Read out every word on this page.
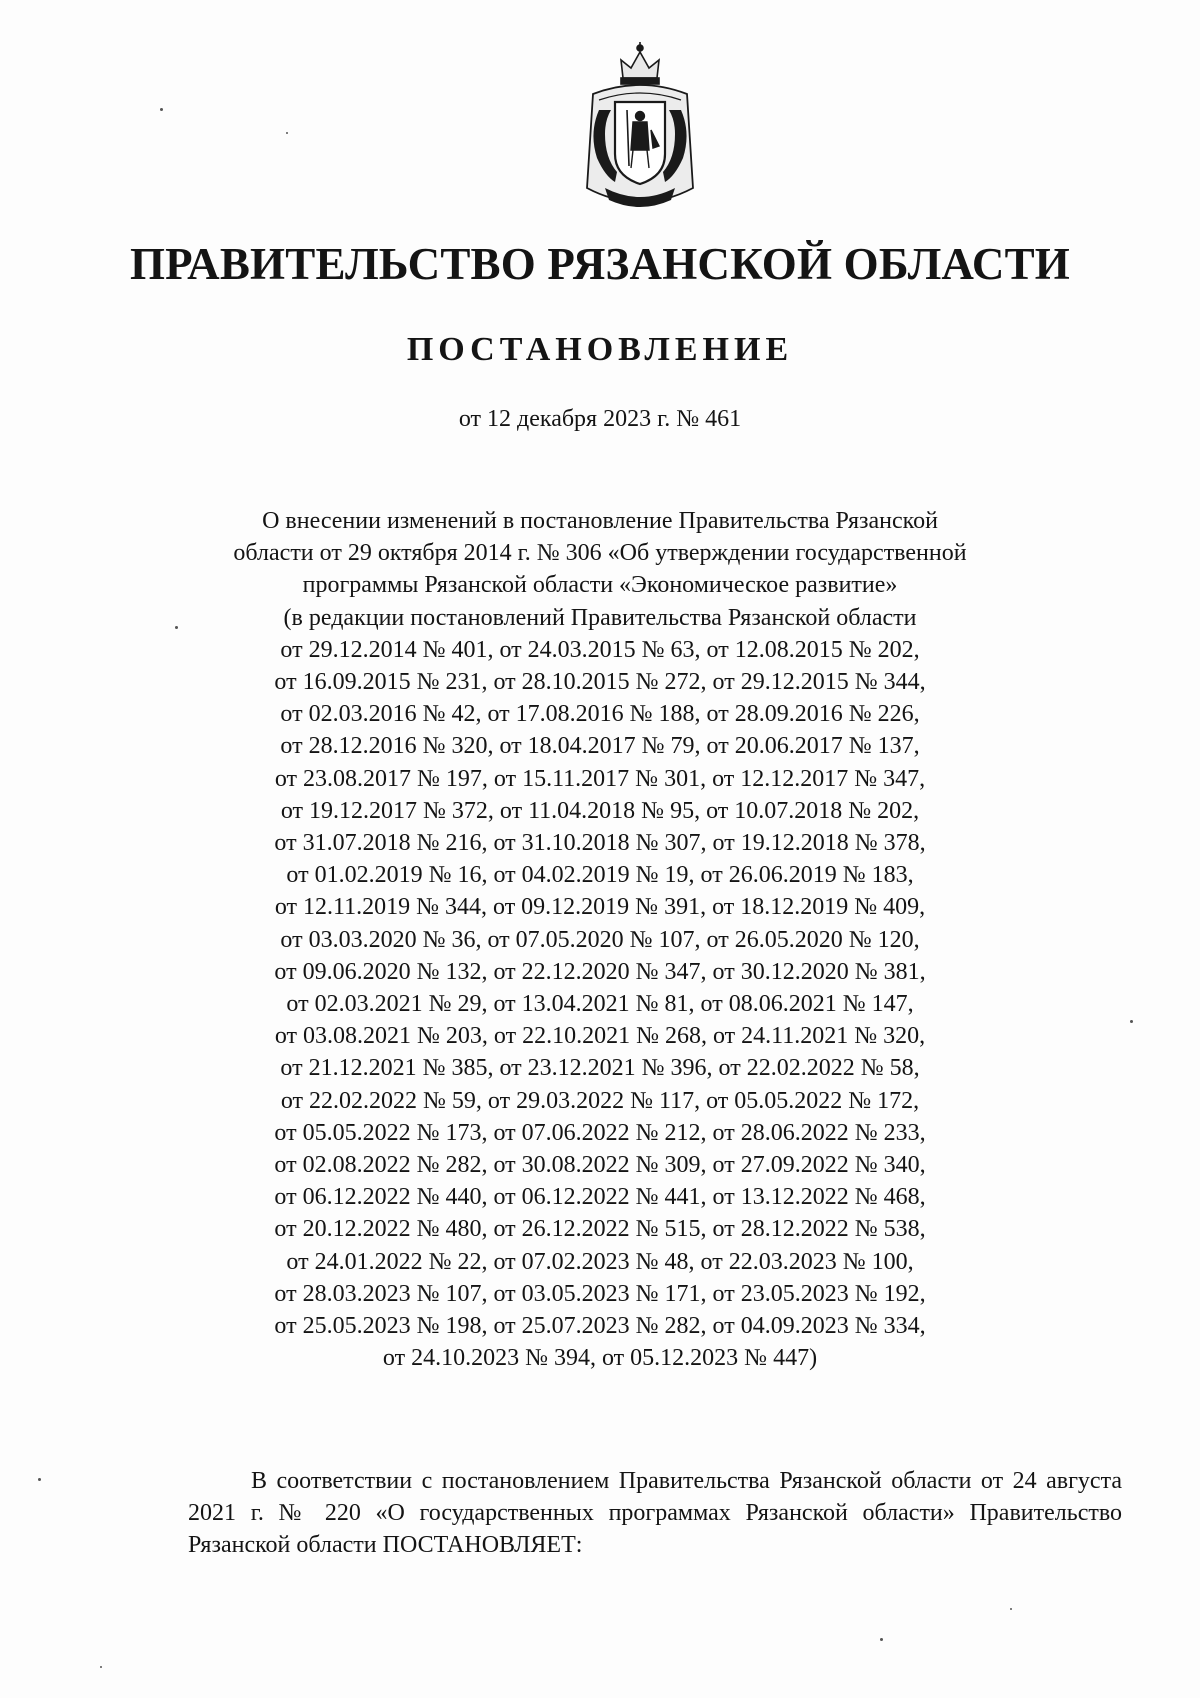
ПРАВИТЕЛЬСТВО РЯЗАНСКОЙ ОБЛАСТИ
ПОСТАНОВЛЕНИЕ
от 12 декабря 2023 г. № 461
О внесении изменений в постановление Правительства Рязанской
области от 29 октября 2014 г. № 306 «Об утверждении государственной
программы Рязанской области «Экономическое развитие»
(в редакции постановлений Правительства Рязанской области
от 29.12.2014 № 401, от 24.03.2015 № 63, от 12.08.2015 № 202,
от 16.09.2015 № 231, от 28.10.2015 № 272, от 29.12.2015 № 344,
от 02.03.2016 № 42, от 17.08.2016 № 188, от 28.09.2016 № 226,
от 28.12.2016 № 320, от 18.04.2017 № 79, от 20.06.2017 № 137,
от 23.08.2017 № 197, от 15.11.2017 № 301, от 12.12.2017 № 347,
от 19.12.2017 № 372, от 11.04.2018 № 95, от 10.07.2018 № 202,
от 31.07.2018 № 216, от 31.10.2018 № 307, от 19.12.2018 № 378,
от 01.02.2019 № 16, от 04.02.2019 № 19, от 26.06.2019 № 183,
от 12.11.2019 № 344, от 09.12.2019 № 391, от 18.12.2019 № 409,
от 03.03.2020 № 36, от 07.05.2020 № 107, от 26.05.2020 № 120,
от 09.06.2020 № 132, от 22.12.2020 № 347, от 30.12.2020 № 381,
от 02.03.2021 № 29, от 13.04.2021 № 81, от 08.06.2021 № 147,
от 03.08.2021 № 203, от 22.10.2021 № 268, от 24.11.2021 № 320,
от 21.12.2021 № 385, от 23.12.2021 № 396, от 22.02.2022 № 58,
от 22.02.2022 № 59, от 29.03.2022 № 117, от 05.05.2022 № 172,
от 05.05.2022 № 173, от 07.06.2022 № 212, от 28.06.2022 № 233,
от 02.08.2022 № 282, от 30.08.2022 № 309, от 27.09.2022 № 340,
от 06.12.2022 № 440, от 06.12.2022 № 441, от 13.12.2022 № 468,
от 20.12.2022 № 480, от 26.12.2022 № 515, от 28.12.2022 № 538,
от 24.01.2022 № 22, от 07.02.2023 № 48, от 22.03.2023 № 100,
от 28.03.2023 № 107, от 03.05.2023 № 171, от 23.05.2023 № 192,
от 25.05.2023 № 198, от 25.07.2023 № 282, от 04.09.2023 № 334,
от 24.10.2023 № 394, от 05.12.2023 № 447)
В соответствии с постановлением Правительства Рязанской области от 24 августа 2021 г. № 220 «О государственных программах Рязанской области» Правительство Рязанской области ПОСТАНОВЛЯЕТ:
